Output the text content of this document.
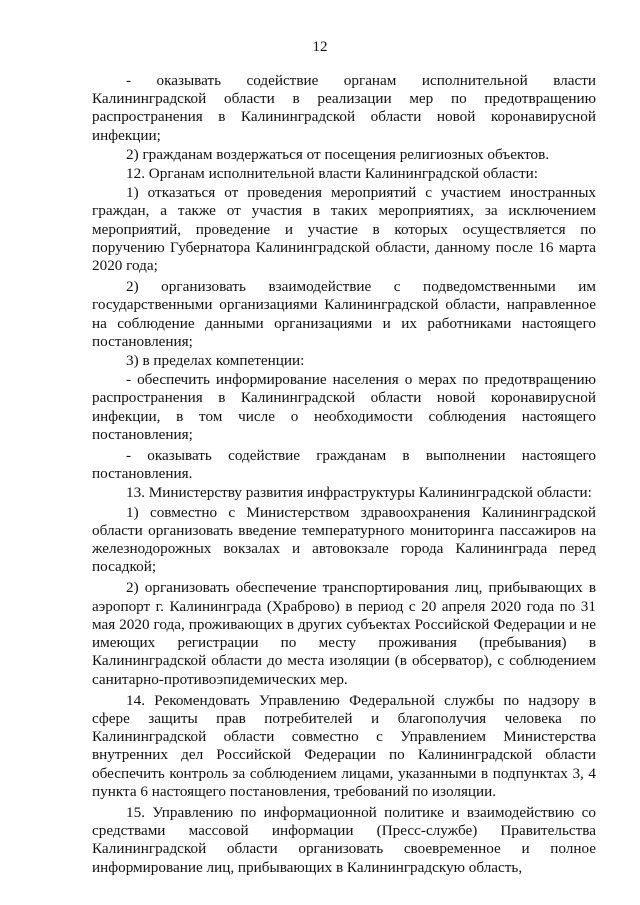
12

- оказывать содействие органам исполнительной власти Калининградской области в реализации мер по предотвращению распространения в Калининградской области новой коронавирусной инфекции;

2) гражданам воздержаться от посещения религиозных объектов.

12. Органам исполнительной власти Калининградской области:

1) отказаться от проведения мероприятий с участием иностранных граждан, а также от участия в таких мероприятиях, за исключением мероприятий, проведение и участие в которых осуществляется по поручению Губернатора Калининградской области, данному после 16 марта 2020 года;

2) организовать взаимодействие с подведомственными им государственными организациями Калининградской области, направленное на соблюдение данными организациями и их работниками настоящего постановления;

3) в пределах компетенции:

- обеспечить информирование населения о мерах по предотвращению распространения в Калининградской области новой коронавирусной инфекции, в том числе о необходимости соблюдения настоящего постановления;

- оказывать содействие гражданам в выполнении настоящего постановления.

13. Министерству развития инфраструктуры Калининградской области:

1) совместно с Министерством здравоохранения Калининградской области организовать введение температурного мониторинга пассажиров на железнодорожных вокзалах и автовокзале города Калининграда перед посадкой;

2) организовать обеспечение транспортирования лиц, прибывающих в аэропорт г. Калининграда (Храброво) в период с 20 апреля 2020 года по 31 мая 2020 года, проживающих в других субъектах Российской Федерации и не имеющих регистрации по месту проживания (пребывания) в Калининградской области до места изоляции (в обсерватор), с соблюдением санитарно-противоэпидемических мер.

14. Рекомендовать Управлению Федеральной службы по надзору в сфере защиты прав потребителей и благополучия человека по Калининградской области совместно с Управлением Министерства внутренних дел Российской Федерации по Калининградской области обеспечить контроль за соблюдением лицами, указанными в подпунктах 3, 4 пункта 6 настоящего постановления, требований по изоляции.

15. Управлению по информационной политике и взаимодействию со средствами массовой информации (Пресс-службе) Правительства Калининградской области организовать своевременное и полное информирование лиц, прибывающих в Калининградскую область,
